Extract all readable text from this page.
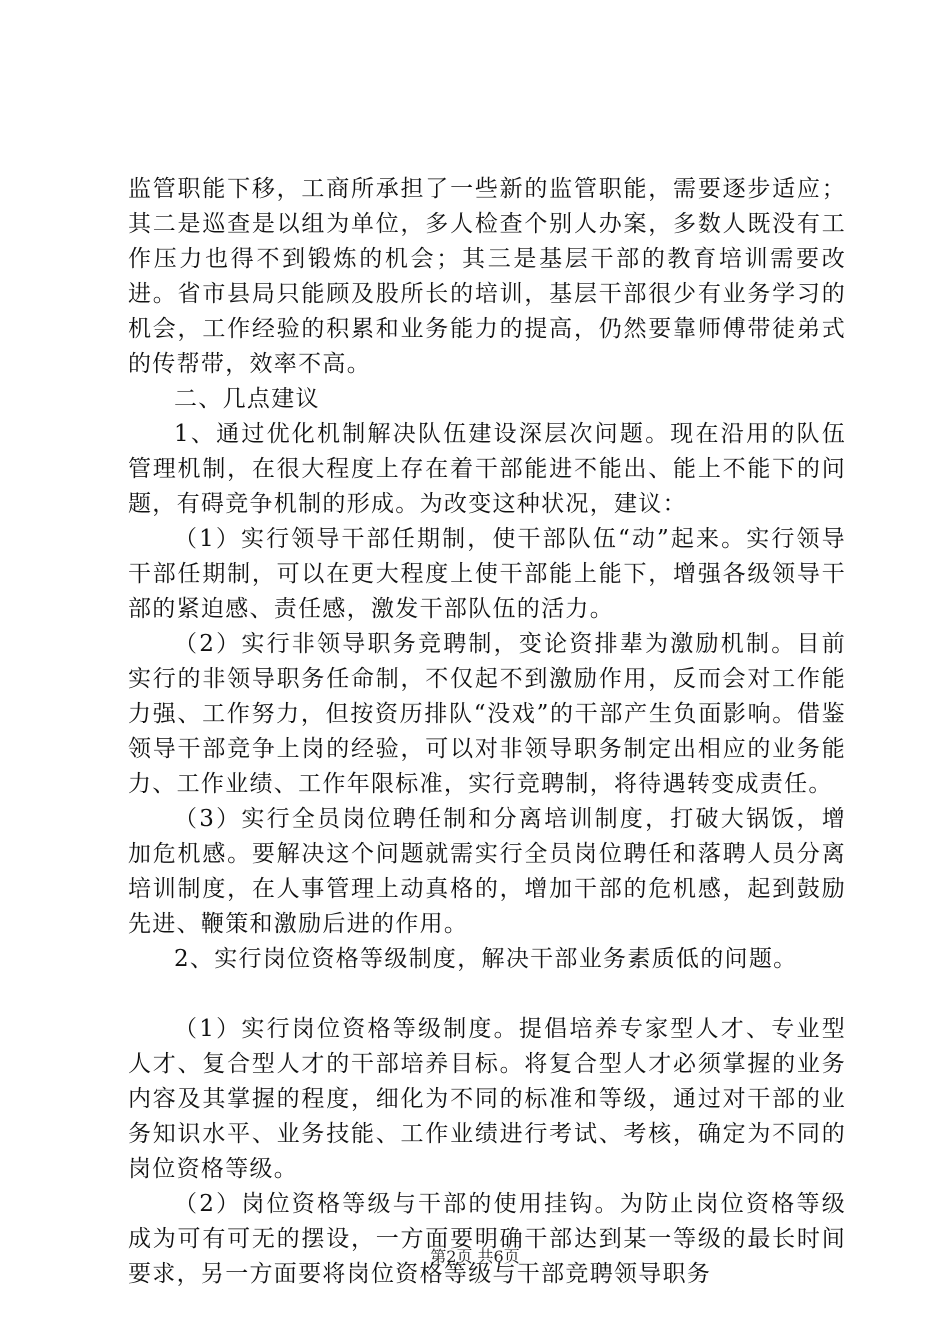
监管职能下移，工商所承担了一些新的监管职能，需要逐步适应；其二是巡查是以组为单位，多人检查个别人办案，多数人既没有工作压力也得不到锻炼的机会；其三是基层干部的教育培训需要改进。省市县局只能顾及股所长的培训，基层干部很少有业务学习的机会，工作经验的积累和业务能力的提高，仍然要靠师傅带徒弟式的传帮带，效率不高。

二、几点建议

1、通过优化机制解决队伍建设深层次问题。现在沿用的队伍管理机制，在很大程度上存在着干部能进不能出、能上不能下的问题，有碍竞争机制的形成。为改变这种状况，建议：

（1）实行领导干部任期制，使干部队伍“动”起来。实行领导干部任期制，可以在更大程度上使干部能上能下，增强各级领导干部的紧迫感、责任感，激发干部队伍的活力。

（2）实行非领导职务竞聘制，变论资排辈为激励机制。目前实行的非领导职务任命制，不仅起不到激励作用，反而会对工作能力强、工作努力，但按资历排队“没戏”的干部产生负面影响。借鉴领导干部竞争上岗的经验，可以对非领导职务制定出相应的业务能力、工作业绩、工作年限标准，实行竞聘制，将待遇转变成责任。

（3）实行全员岗位聘任制和分离培训制度，打破大锅饭，增加危机感。要解决这个问题就需实行全员岗位聘任和落聘人员分离培训制度，在人事管理上动真格的，增加干部的危机感，起到鼓励先进、鞭策和激励后进的作用。

2、实行岗位资格等级制度，解决干部业务素质低的问题。

（1）实行岗位资格等级制度。提倡培养专家型人才、专业型人才、复合型人才的干部培养目标。将复合型人才必须掌握的业务内容及其掌握的程度，细化为不同的标准和等级，通过对干部的业务知识水平、业务技能、工作业绩进行考试、考核，确定为不同的岗位资格等级。

（2）岗位资格等级与干部的使用挂钩。为防止岗位资格等级成为可有可无的摆设，一方面要明确干部达到某一等级的最长时间要求，另一方面要将岗位资格等级与干部竞聘领导职务

第2页 共6页
